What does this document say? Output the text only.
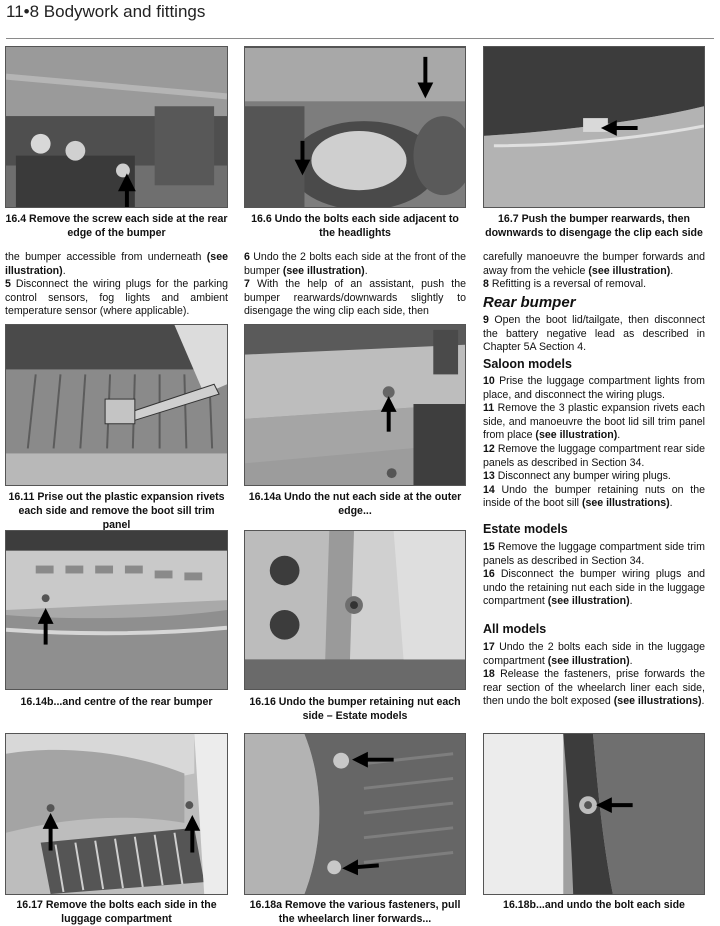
11•8 Bodywork and fittings
16.4 Remove the screw each side at the rear edge of the bumper
16.6 Undo the bolts each side adjacent to the headlights
16.7 Push the bumper rearwards, then downwards to disengage the clip each side

the bumper accessible from underneath (see illustration).

5 Disconnect the wiring plugs for the parking control sensors, fog lights and ambient temperature sensor (where applicable).

6 Undo the 2 bolts each side at the front of the bumper (see illustration).

7 With the help of an assistant, push the bumper rearwards/downwards slightly to disengage the wing clip each side, then

carefully manoeuvre the bumper forwards and away from the vehicle (see illustration).

8 Refitting is a reversal of removal.

Rear bumper

9 Open the boot lid/tailgate, then disconnect the battery negative lead as described in Chapter 5A Section 4.

Saloon models

10 Prise the luggage compartment lights from place, and disconnect the wiring plugs.

11 Remove the 3 plastic expansion rivets each side, and manoeuvre the boot lid sill trim panel from place (see illustration).

12 Remove the luggage compartment rear side panels as described in Section 34.

13 Disconnect any bumper wiring plugs.

14 Undo the bumper retaining nuts on the inside of the boot sill (see illustrations).

Estate models

15 Remove the luggage compartment side trim panels as described in Section 34.

16 Disconnect the bumper wiring plugs and undo the retaining nut each side in the luggage compartment (see illustration).

All models

17 Undo the 2 bolts each side in the luggage compartment (see illustration).

18 Release the fasteners, prise forwards the rear section of the wheelarch liner each side, then undo the bolt exposed (see illustrations).

16.11 Prise out the plastic expansion rivets each side and remove the boot sill trim panel
16.14a Undo the nut each side at the outer edge...
16.14b...and centre of the rear bumper	16.16 Undo the bumper retaining nut each side – Estate models
16.17 Remove the bolts each side in the luggage compartment
16.18a Remove the various fasteners, pull the wheelarch liner forwards...
16.18b...and undo the bolt each side
